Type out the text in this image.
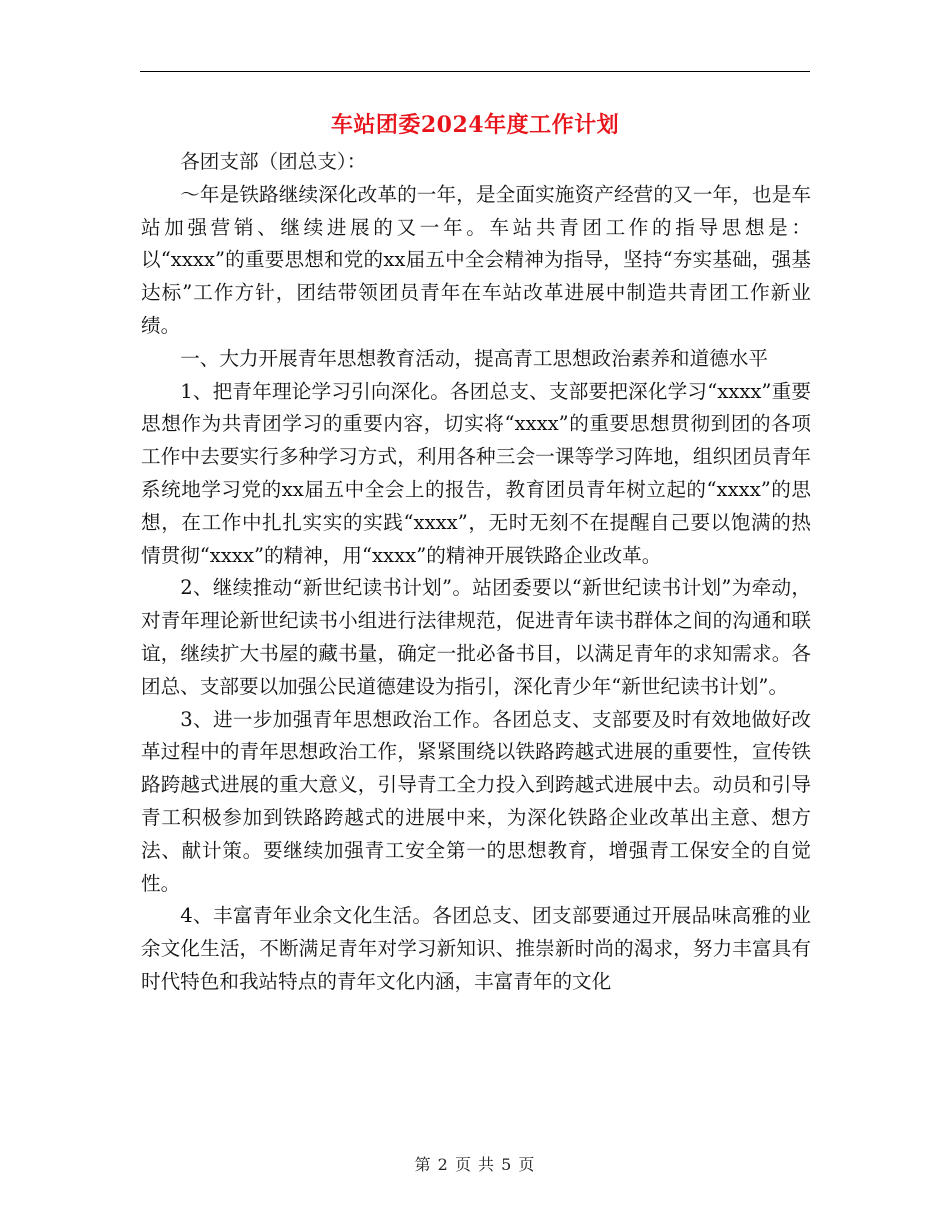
车站团委2024年度工作计划

各团支部（团总支）：

～年是铁路继续深化改革的一年，是全面实施资产经营的又一年，也是车站加强营销、继续进展的又一年。车站共青团工作的指导思想是：以“xxxx”的重要思想和党的xx届五中全会精神为指导，坚持“夯实基础，强基达标”工作方针，团结带领团员青年在车站改革进展中制造共青团工作新业绩。

一、大力开展青年思想教育活动，提高青工思想政治素养和道德水平

1、把青年理论学习引向深化。各团总支、支部要把深化学习“xxxx”重要思想作为共青团学习的重要内容，切实将“xxxx”的重要思想贯彻到团的各项工作中去要实行多种学习方式，利用各种三会一课等学习阵地，组织团员青年系统地学习党的xx届五中全会上的报告，教育团员青年树立起的“xxxx”的思想，在工作中扎扎实实的实践“xxxx”，无时无刻不在提醒自己要以饱满的热情贯彻“xxxx”的精神，用“xxxx”的精神开展铁路企业改革。

2、继续推动“新世纪读书计划”。站团委要以“新世纪读书计划”为牵动，对青年理论新世纪读书小组进行法律规范，促进青年读书群体之间的沟通和联谊，继续扩大书屋的藏书量，确定一批必备书目，以满足青年的求知需求。各团总、支部要以加强公民道德建设为指引，深化青少年“新世纪读书计划”。

3、进一步加强青年思想政治工作。各团总支、支部要及时有效地做好改革过程中的青年思想政治工作，紧紧围绕以铁路跨越式进展的重要性，宣传铁路跨越式进展的重大意义，引导青工全力投入到跨越式进展中去。动员和引导青工积极参加到铁路跨越式的进展中来，为深化铁路企业改革出主意、想方法、献计策。要继续加强青工安全第一的思想教育，增强青工保安全的自觉性。

4、丰富青年业余文化生活。各团总支、团支部要通过开展品味高雅的业余文化生活，不断满足青年对学习新知识、推崇新时尚的渴求，努力丰富具有时代特色和我站特点的青年文化内涵，丰富青年的文化

第 2 页 共 5 页
